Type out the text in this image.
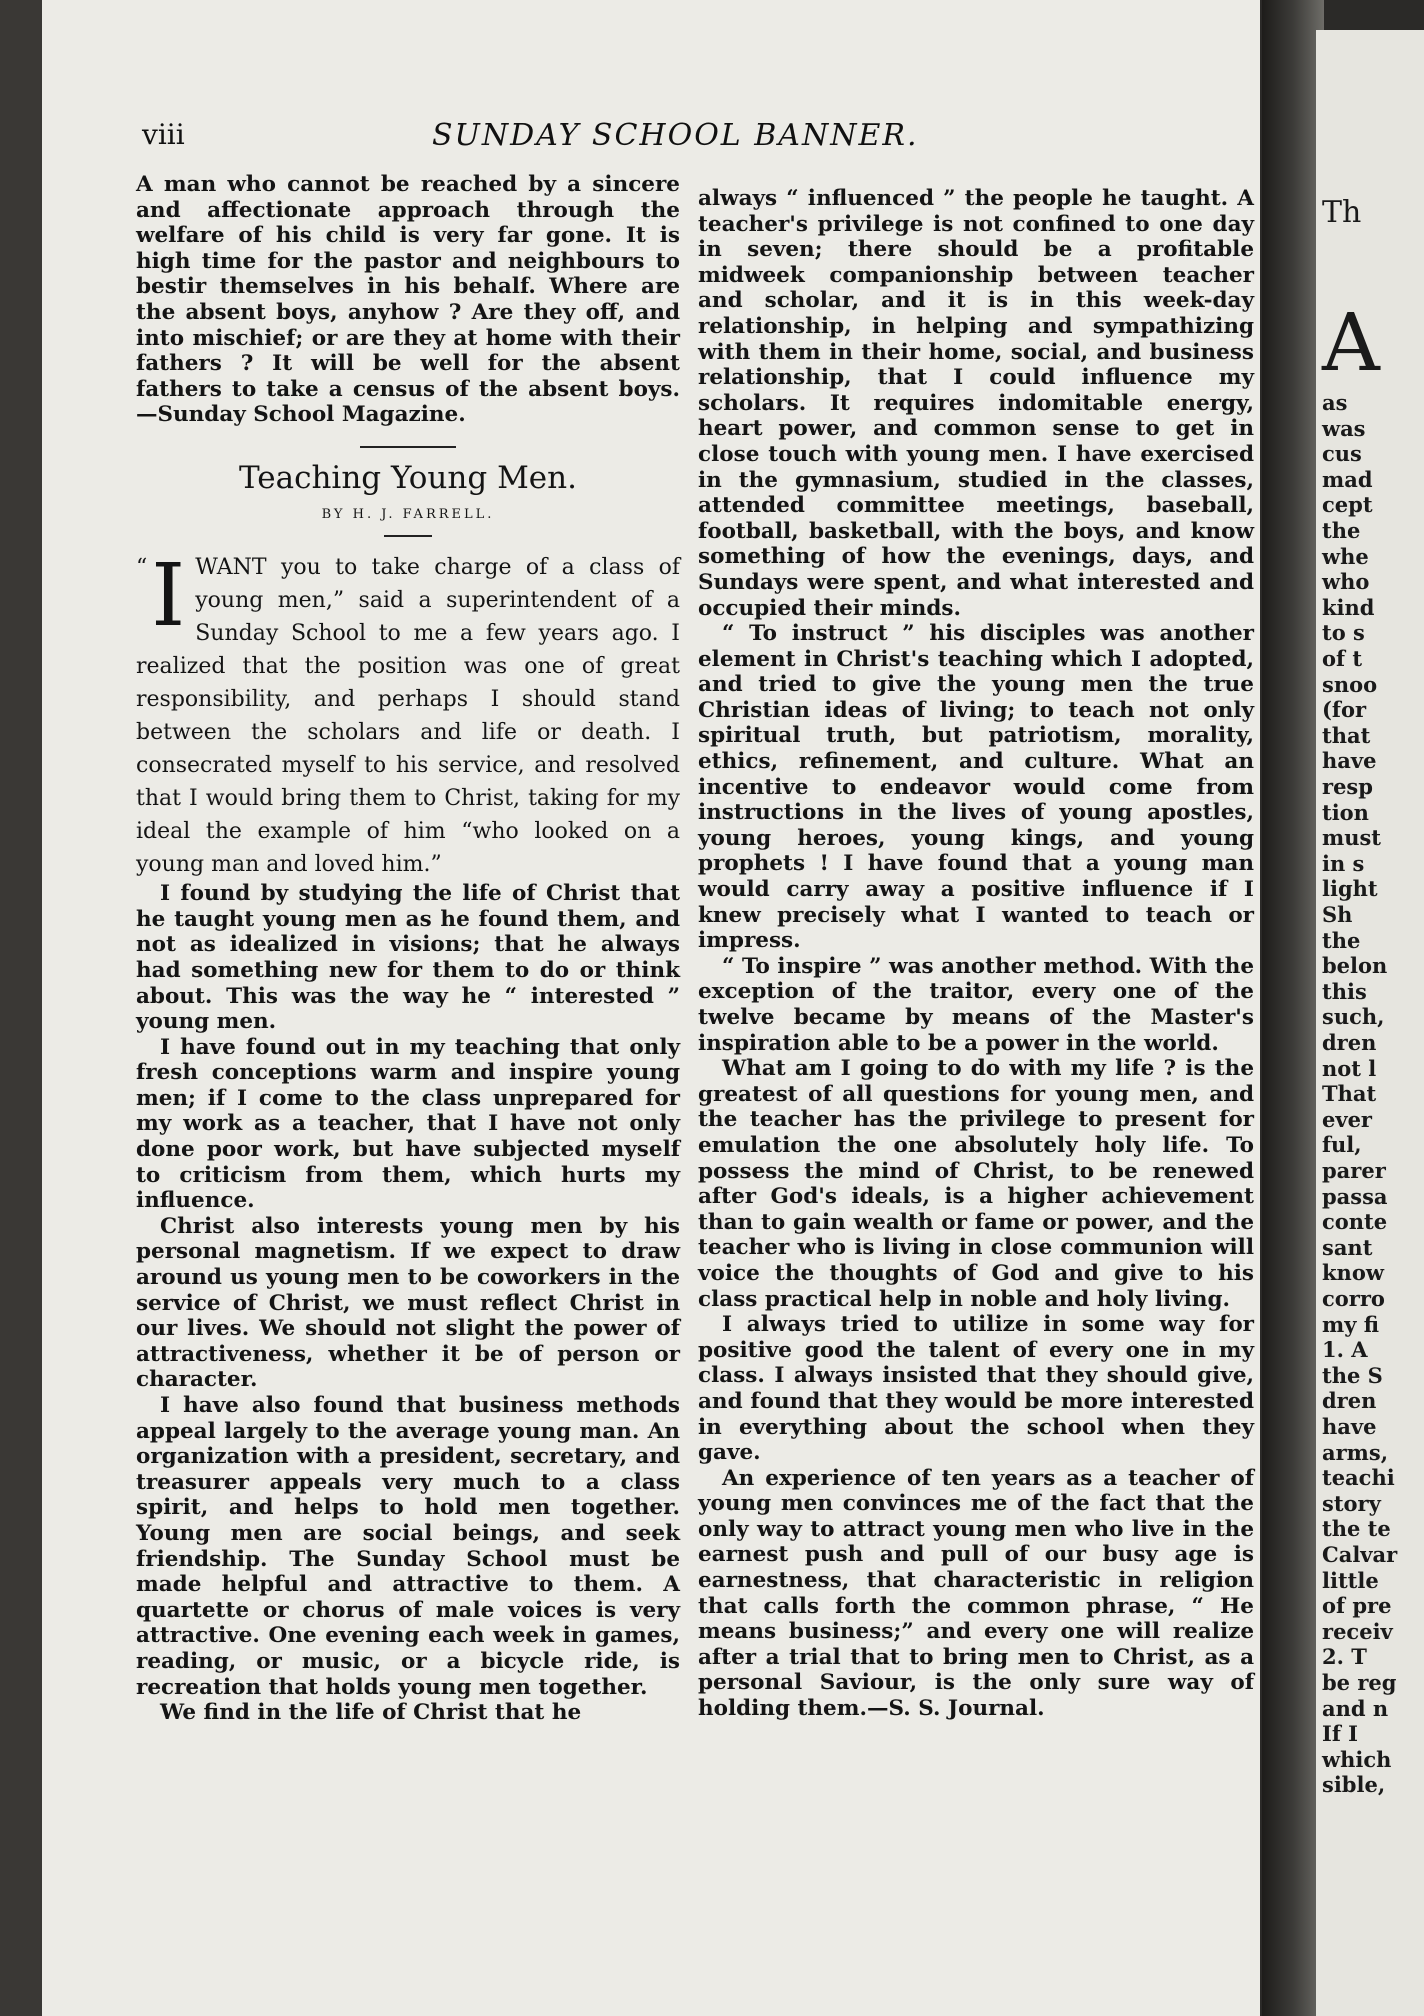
viii	SUNDAY SCHOOL BANNER.

A man who cannot be reached by a sincere and affectionate approach through the welfare of his child is very far gone. It is high time for the pastor and neighbours to bestir themselves in his behalf. Where are the absent boys, anyhow ? Are they off, and into mischief; or are they at home with their fathers ? It will be well for the absent fathers to take a census of the absent boys.—Sunday School Magazine.

Teaching Young Men.
BY H. J. FARRELL.

“ I WANT you to take charge of a class of young men,” said a superintendent of a Sunday School to me a few years ago. I realized that the position was one of great responsibility, and perhaps I should stand between the scholars and life or death. I consecrated myself to his service, and resolved that I would bring them to Christ, taking for my ideal the example of him “who looked on a young man and loved him.”

I found by studying the life of Christ that he taught young men as he found them, and not as idealized in visions; that he always had something new for them to do or think about. This was the way he “ interested ” young men.

I have found out in my teaching that only fresh conceptions warm and inspire young men; if I come to the class unprepared for my work as a teacher, that I have not only done poor work, but have subjected myself to criticism from them, which hurts my influence.

Christ also interests young men by his personal magnetism. If we expect to draw around us young men to be coworkers in the service of Christ, we must reflect Christ in our lives. We should not slight the power of attractiveness, whether it be of person or character.

I have also found that business methods appeal largely to the average young man. An organization with a president, secretary, and treasurer appeals very much to a class spirit, and helps to hold men together. Young men are social beings, and seek friendship. The Sunday School must be made helpful and attractive to them. A quartette or chorus of male voices is very attractive. One evening each week in games, reading, or music, or a bicycle ride, is recreation that holds young men together.

We find in the life of Christ that he

always “ influenced ” the people he taught. A teacher's privilege is not confined to one day in seven; there should be a profitable midweek companionship between teacher and scholar, and it is in this week-day relationship, in helping and sympathizing with them in their home, social, and business relationship, that I could influence my scholars. It requires indomitable energy, heart power, and common sense to get in close touch with young men. I have exercised in the gymnasium, studied in the classes, attended committee meetings, baseball, football, basketball, with the boys, and know something of how the evenings, days, and Sundays were spent, and what interested and occupied their minds.

“ To instruct ” his disciples was another element in Christ's teaching which I adopted, and tried to give the young men the true Christian ideas of living; to teach not only spiritual truth, but patriotism, morality, ethics, refinement, and culture. What an incentive to endeavor would come from instructions in the lives of young apostles, young heroes, young kings, and young prophets ! I have found that a young man would carry away a positive influence if I knew precisely what I wanted to teach or impress.

“ To inspire ” was another method. With the exception of the traitor, every one of the twelve became by means of the Master's inspiration able to be a power in the world.

What am I going to do with my life ? is the greatest of all questions for young men, and the teacher has the privilege to present for emulation the one absolutely holy life. To possess the mind of Christ, to be renewed after God's ideals, is a higher achievement than to gain wealth or fame or power, and the teacher who is living in close communion will voice the thoughts of God and give to his class practical help in noble and holy living.

I always tried to utilize in some way for positive good the talent of every one in my class. I always insisted that they should give, and found that they would be more interested in everything about the school when they gave.

An experience of ten years as a teacher of young men convinces me of the fact that the only way to attract young men who live in the earnest push and pull of our busy age is earnestness, that characteristic in religion that calls forth the common phrase, “ He means business;” and every one will realize after a trial that to bring men to Christ, as a personal Saviour, is the only sure way of holding them.—S. S. Journal.

Th
A
as
was
cus
mad
cept
the
whe
who
kind
to s
of t
snoo
(for
that
have
resp
tion
must
in s
light
Sh
the
belon
this
such,
dren
not l
That
ever
ful,
parer
passa
conte
sant
know
corro
my fi
1. A
the S
dren
have
arms,
teachi
story
the te
Calvar
little
of pre
receiv
2. T
be reg
and n
If I
which
sible,
